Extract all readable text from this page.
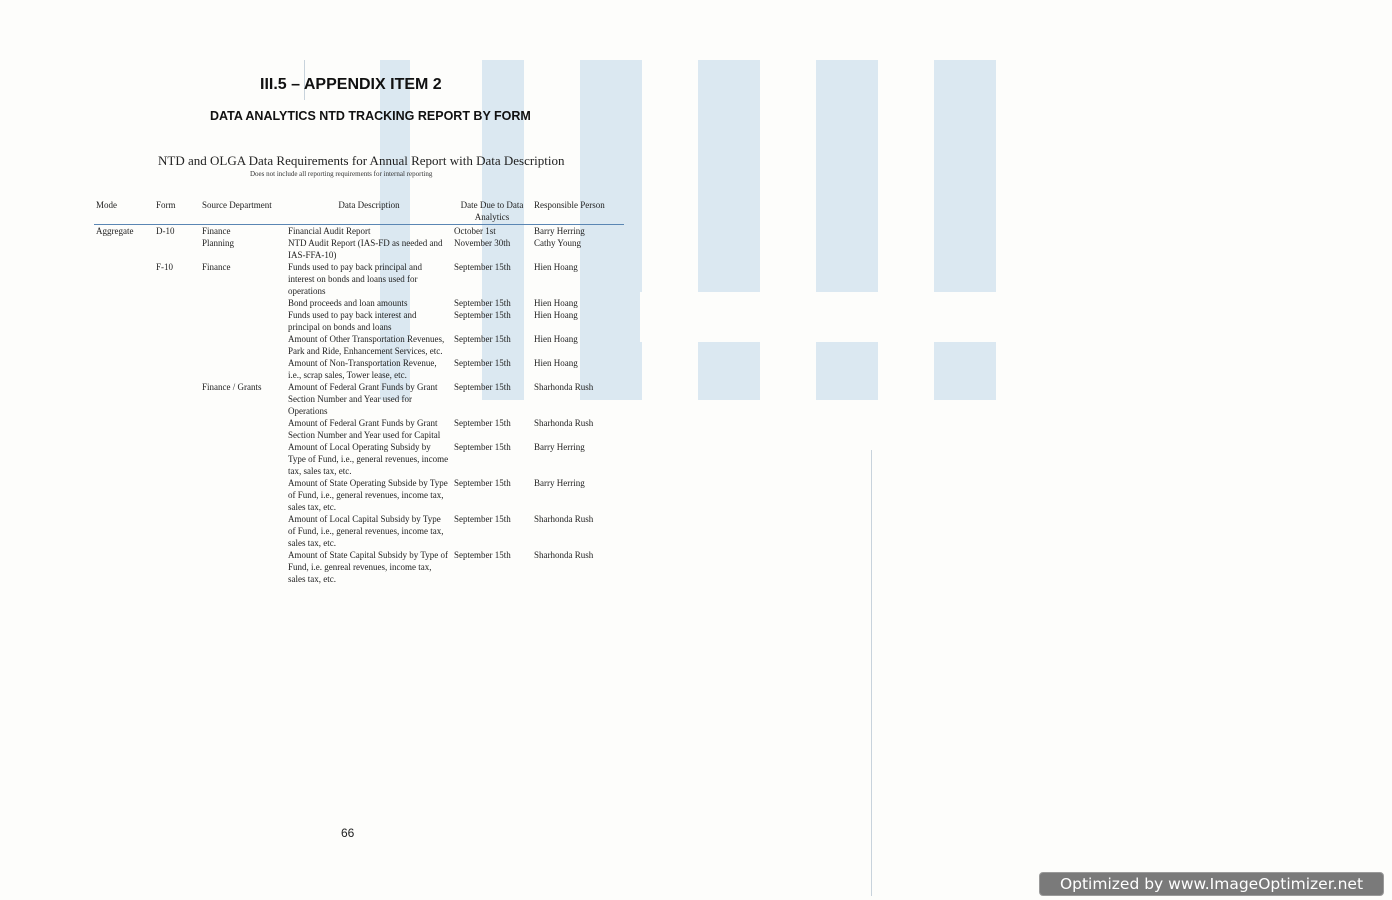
III.5 – APPENDIX ITEM 2
DATA ANALYTICS NTD TRACKING REPORT BY FORM

NTD and OLGA Data Requirements for Annual Report with Data Description

Does not include all reporting requirements for internal reporting

Mode	Form	Source Department	Data Description	Date Due to Data Analytics	Responsible Person
Aggregate	D-10	Finance	Financial Audit Report	October 1st	Barry Herring
		Planning	NTD Audit Report (IAS-FD as needed and IAS-FFA-10)	November 30th	Cathy Young
	F-10	Finance	Funds used to pay back principal and interest on bonds and loans used for operations	September 15th	Hien Hoang
			Bond proceeds and loan amounts	September 15th	Hien Hoang
			Funds used to pay back interest and principal on bonds and loans	September 15th	Hien Hoang
			Amount of Other Transportation Revenues, Park and Ride, Enhancement Services, etc.	September 15th	Hien Hoang
			Amount of Non-Transportation Revenue, i.e., scrap sales, Tower lease, etc.	September 15th	Hien Hoang
		Finance / Grants	Amount of Federal Grant Funds by Grant Section Number and Year used for Operations	September 15th	Sharhonda Rush
			Amount of Federal Grant Funds by Grant Section Number and Year used for Capital	September 15th	Sharhonda Rush
			Amount of Local Operating Subsidy by Type of Fund, i.e., general revenues, income tax, sales tax, etc.	September 15th	Barry Herring
			Amount of State Operating Subside by Type of Fund, i.e., general revenues, income tax, sales tax, etc.	September 15th	Barry Herring
			Amount of Local Capital Subsidy by Type of Fund, i.e., general revenues, income tax, sales tax, etc.	September 15th	Sharhonda Rush
			Amount of State Capital Subsidy by Type of Fund, i.e. genreal revenues, income tax, sales tax, etc.	September 15th	Sharhonda Rush

66

Optimized by www.ImageOptimizer.net
